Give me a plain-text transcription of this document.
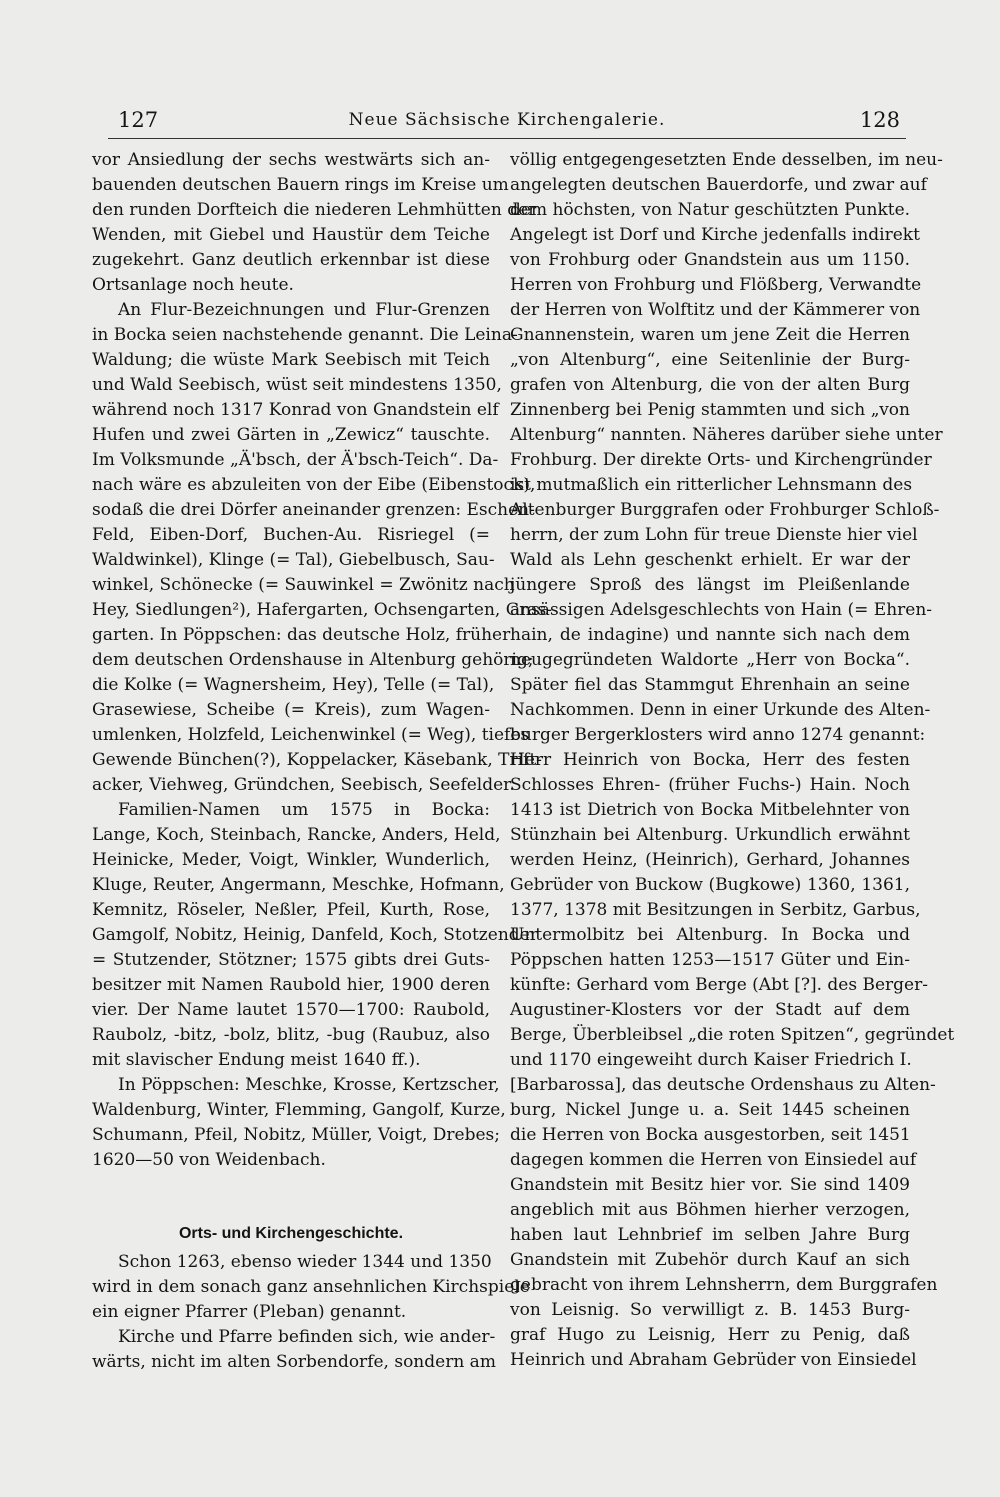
127	Neue Sächsische Kirchengalerie.	128
vor Ansiedlung der sechs westwärts sich an-
bauenden deutschen Bauern rings im Kreise um
den runden Dorfteich die niederen Lehmhütten der
Wenden, mit Giebel und Haustür dem Teiche
zugekehrt. Ganz deutlich erkennbar ist diese
Ortsanlage noch heute.
An Flur-Bezeichnungen und Flur-Grenzen
in Bocka seien nachstehende genannt. Die Leina-
Waldung; die wüste Mark Seebisch mit Teich
und Wald Seebisch, wüst seit mindestens 1350,
während noch 1317 Konrad von Gnandstein elf
Hufen und zwei Gärten in „Zewicz“ tauschte.
Im Volksmunde „Ä'bsch, der Ä'bsch-Teich“. Da-
nach wäre es abzuleiten von der Eibe (Eibenstock),
sodaß die drei Dörfer aneinander grenzen: Eschen-
Feld, Eiben-Dorf, Buchen-Au. Risriegel (=
Waldwinkel), Klinge (= Tal), Giebelbusch, Sau-
winkel, Schönecke (= Sauwinkel = Zwönitz nach
Hey, Siedlungen²), Hafergarten, Ochsengarten, Gras-
garten. In Pöppschen: das deutsche Holz, früher
dem deutschen Ordenshause in Altenburg gehörig;
die Kolke (= Wagnersheim, Hey), Telle (= Tal),
Grasewiese, Scheibe (= Kreis), zum Wagen-
umlenken, Holzfeld, Leichenwinkel (= Weg), tiefes
Gewende Bünchen(?), Koppelacker, Käsebank, Trift-
acker, Viehweg, Gründchen, Seebisch, Seefelder.
Familien-Namen um 1575 in Bocka:
Lange, Koch, Steinbach, Rancke, Anders, Held,
Heinicke, Meder, Voigt, Winkler, Wunderlich,
Kluge, Reuter, Angermann, Meschke, Hofmann,
Kemnitz, Röseler, Neßler, Pfeil, Kurth, Rose,
Gamgolf, Nobitz, Heinig, Danfeld, Koch, Stotzender
= Stutzender, Stötzner; 1575 gibts drei Guts-
besitzer mit Namen Raubold hier, 1900 deren
vier. Der Name lautet 1570—1700: Raubold,
Raubolz, -bitz, -bolz, blitz, -bug (Raubuz, also
mit slavischer Endung meist 1640 ff.).
In Pöppschen: Meschke, Krosse, Kertzscher,
Waldenburg, Winter, Flemming, Gangolf, Kurze,
Schumann, Pfeil, Nobitz, Müller, Voigt, Drebes;
1620—50 von Weidenbach.
Orts- und Kirchengeschichte.
Schon 1263, ebenso wieder 1344 und 1350
wird in dem sonach ganz ansehnlichen Kirchspiele
ein eigner Pfarrer (Pleban) genannt.
Kirche und Pfarre befinden sich, wie ander-
wärts, nicht im alten Sorbendorfe, sondern am
völlig entgegengesetzten Ende desselben, im neu-
angelegten deutschen Bauerdorfe, und zwar auf
dem höchsten, von Natur geschützten Punkte.
Angelegt ist Dorf und Kirche jedenfalls indirekt
von Frohburg oder Gnandstein aus um 1150.
Herren von Frohburg und Flößberg, Verwandte
der Herren von Wolftitz und der Kämmerer von
Gnannenstein, waren um jene Zeit die Herren
„von Altenburg“, eine Seitenlinie der Burg-
grafen von Altenburg, die von der alten Burg
Zinnenberg bei Penig stammten und sich „von
Altenburg“ nannten. Näheres darüber siehe unter
Frohburg. Der direkte Orts- und Kirchengründer
ist mutmaßlich ein ritterlicher Lehnsmann des
Altenburger Burggrafen oder Frohburger Schloß-
herrn, der zum Lohn für treue Dienste hier viel
Wald als Lehn geschenkt erhielt. Er war der
jüngere Sproß des längst im Pleißenlande
ansässigen Adelsgeschlechts von Hain (= Ehren-
hain, de indagine) und nannte sich nach dem
neugegründeten Waldorte „Herr von Bocka“.
Später fiel das Stammgut Ehrenhain an seine
Nachkommen. Denn in einer Urkunde des Alten-
burger Bergerklosters wird anno 1274 genannt:
Herr Heinrich von Bocka, Herr des festen
Schlosses Ehren- (früher Fuchs-) Hain. Noch
1413 ist Dietrich von Bocka Mitbelehnter von
Stünzhain bei Altenburg. Urkundlich erwähnt
werden Heinz, (Heinrich), Gerhard, Johannes
Gebrüder von Buckow (Bugkowe) 1360, 1361,
1377, 1378 mit Besitzungen in Serbitz, Garbus,
Untermolbitz bei Altenburg. In Bocka und
Pöppschen hatten 1253—1517 Güter und Ein-
künfte: Gerhard vom Berge (Abt [?]. des Berger-
Augustiner-Klosters vor der Stadt auf dem
Berge, Überbleibsel „die roten Spitzen“, gegründet
und 1170 eingeweiht durch Kaiser Friedrich I.
[Barbarossa], das deutsche Ordenshaus zu Alten-
burg, Nickel Junge u. a. Seit 1445 scheinen
die Herren von Bocka ausgestorben, seit 1451
dagegen kommen die Herren von Einsiedel auf
Gnandstein mit Besitz hier vor. Sie sind 1409
angeblich mit aus Böhmen hierher verzogen,
haben laut Lehnbrief im selben Jahre Burg
Gnandstein mit Zubehör durch Kauf an sich
gebracht von ihrem Lehnsherrn, dem Burggrafen
von Leisnig. So verwilligt z. B. 1453 Burg-
graf Hugo zu Leisnig, Herr zu Penig, daß
Heinrich und Abraham Gebrüder von Einsiedel
